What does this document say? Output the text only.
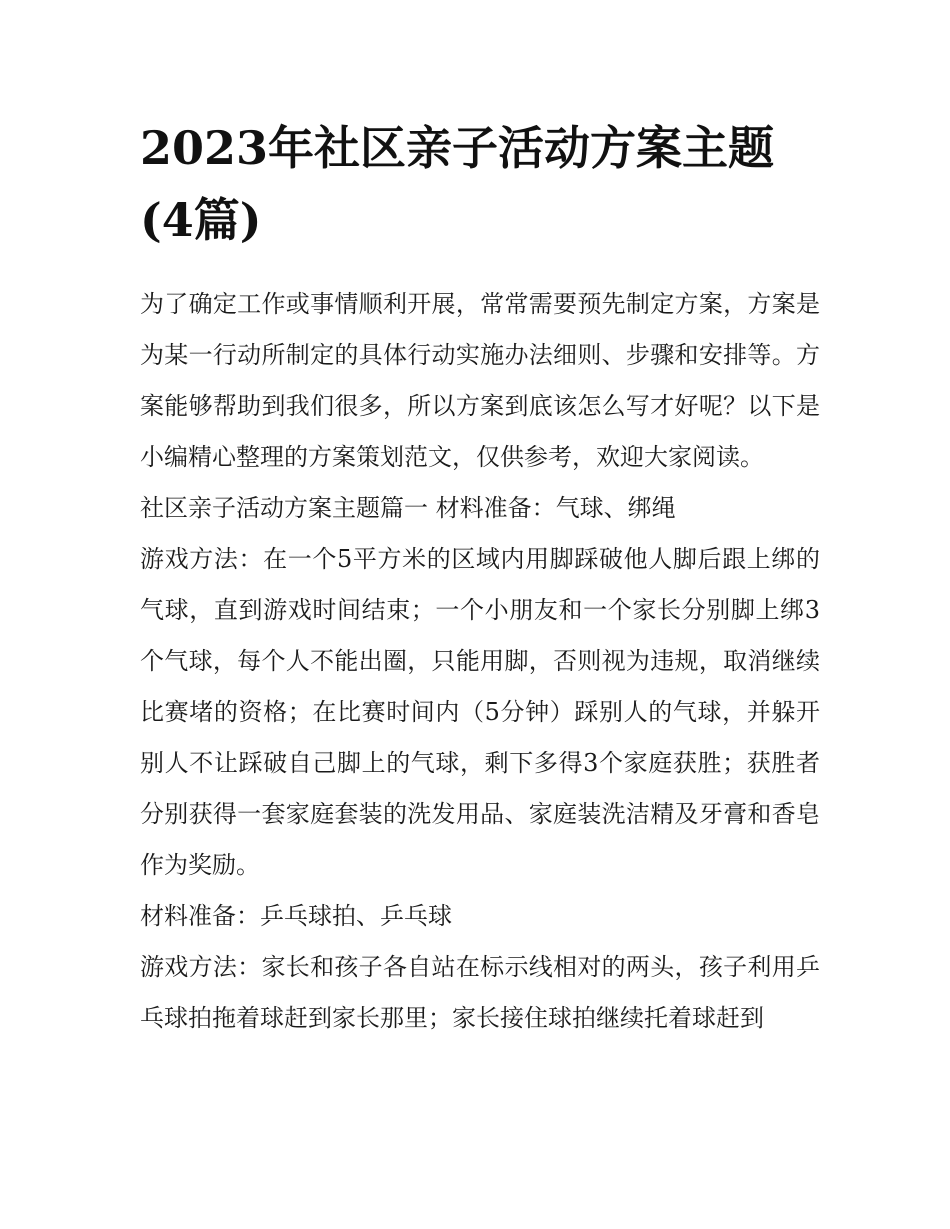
2023年社区亲子活动方案主题(4篇)

为了确定工作或事情顺利开展，常常需要预先制定方案，方案是为某一行动所制定的具体行动实施办法细则、步骤和安排等。方案能够帮助到我们很多，所以方案到底该怎么写才好呢？以下是小编精心整理的方案策划范文，仅供参考，欢迎大家阅读。

社区亲子活动方案主题篇一 材料准备：气球、绑绳

游戏方法：在一个5平方米的区域内用脚踩破他人脚后跟上绑的气球，直到游戏时间结束；一个小朋友和一个家长分别脚上绑3个气球，每个人不能出圈，只能用脚，否则视为违规，取消继续比赛堵的资格；在比赛时间内（5分钟）踩别人的气球，并躲开别人不让踩破自己脚上的气球，剩下多得3个家庭获胜；获胜者分别获得一套家庭套装的洗发用品、家庭装洗洁精及牙膏和香皂作为奖励。

材料准备：乒乓球拍、乒乓球

游戏方法：家长和孩子各自站在标示线相对的两头，孩子利用乒乓球拍拖着球赶到家长那里；家长接住球拍继续托着球赶到
